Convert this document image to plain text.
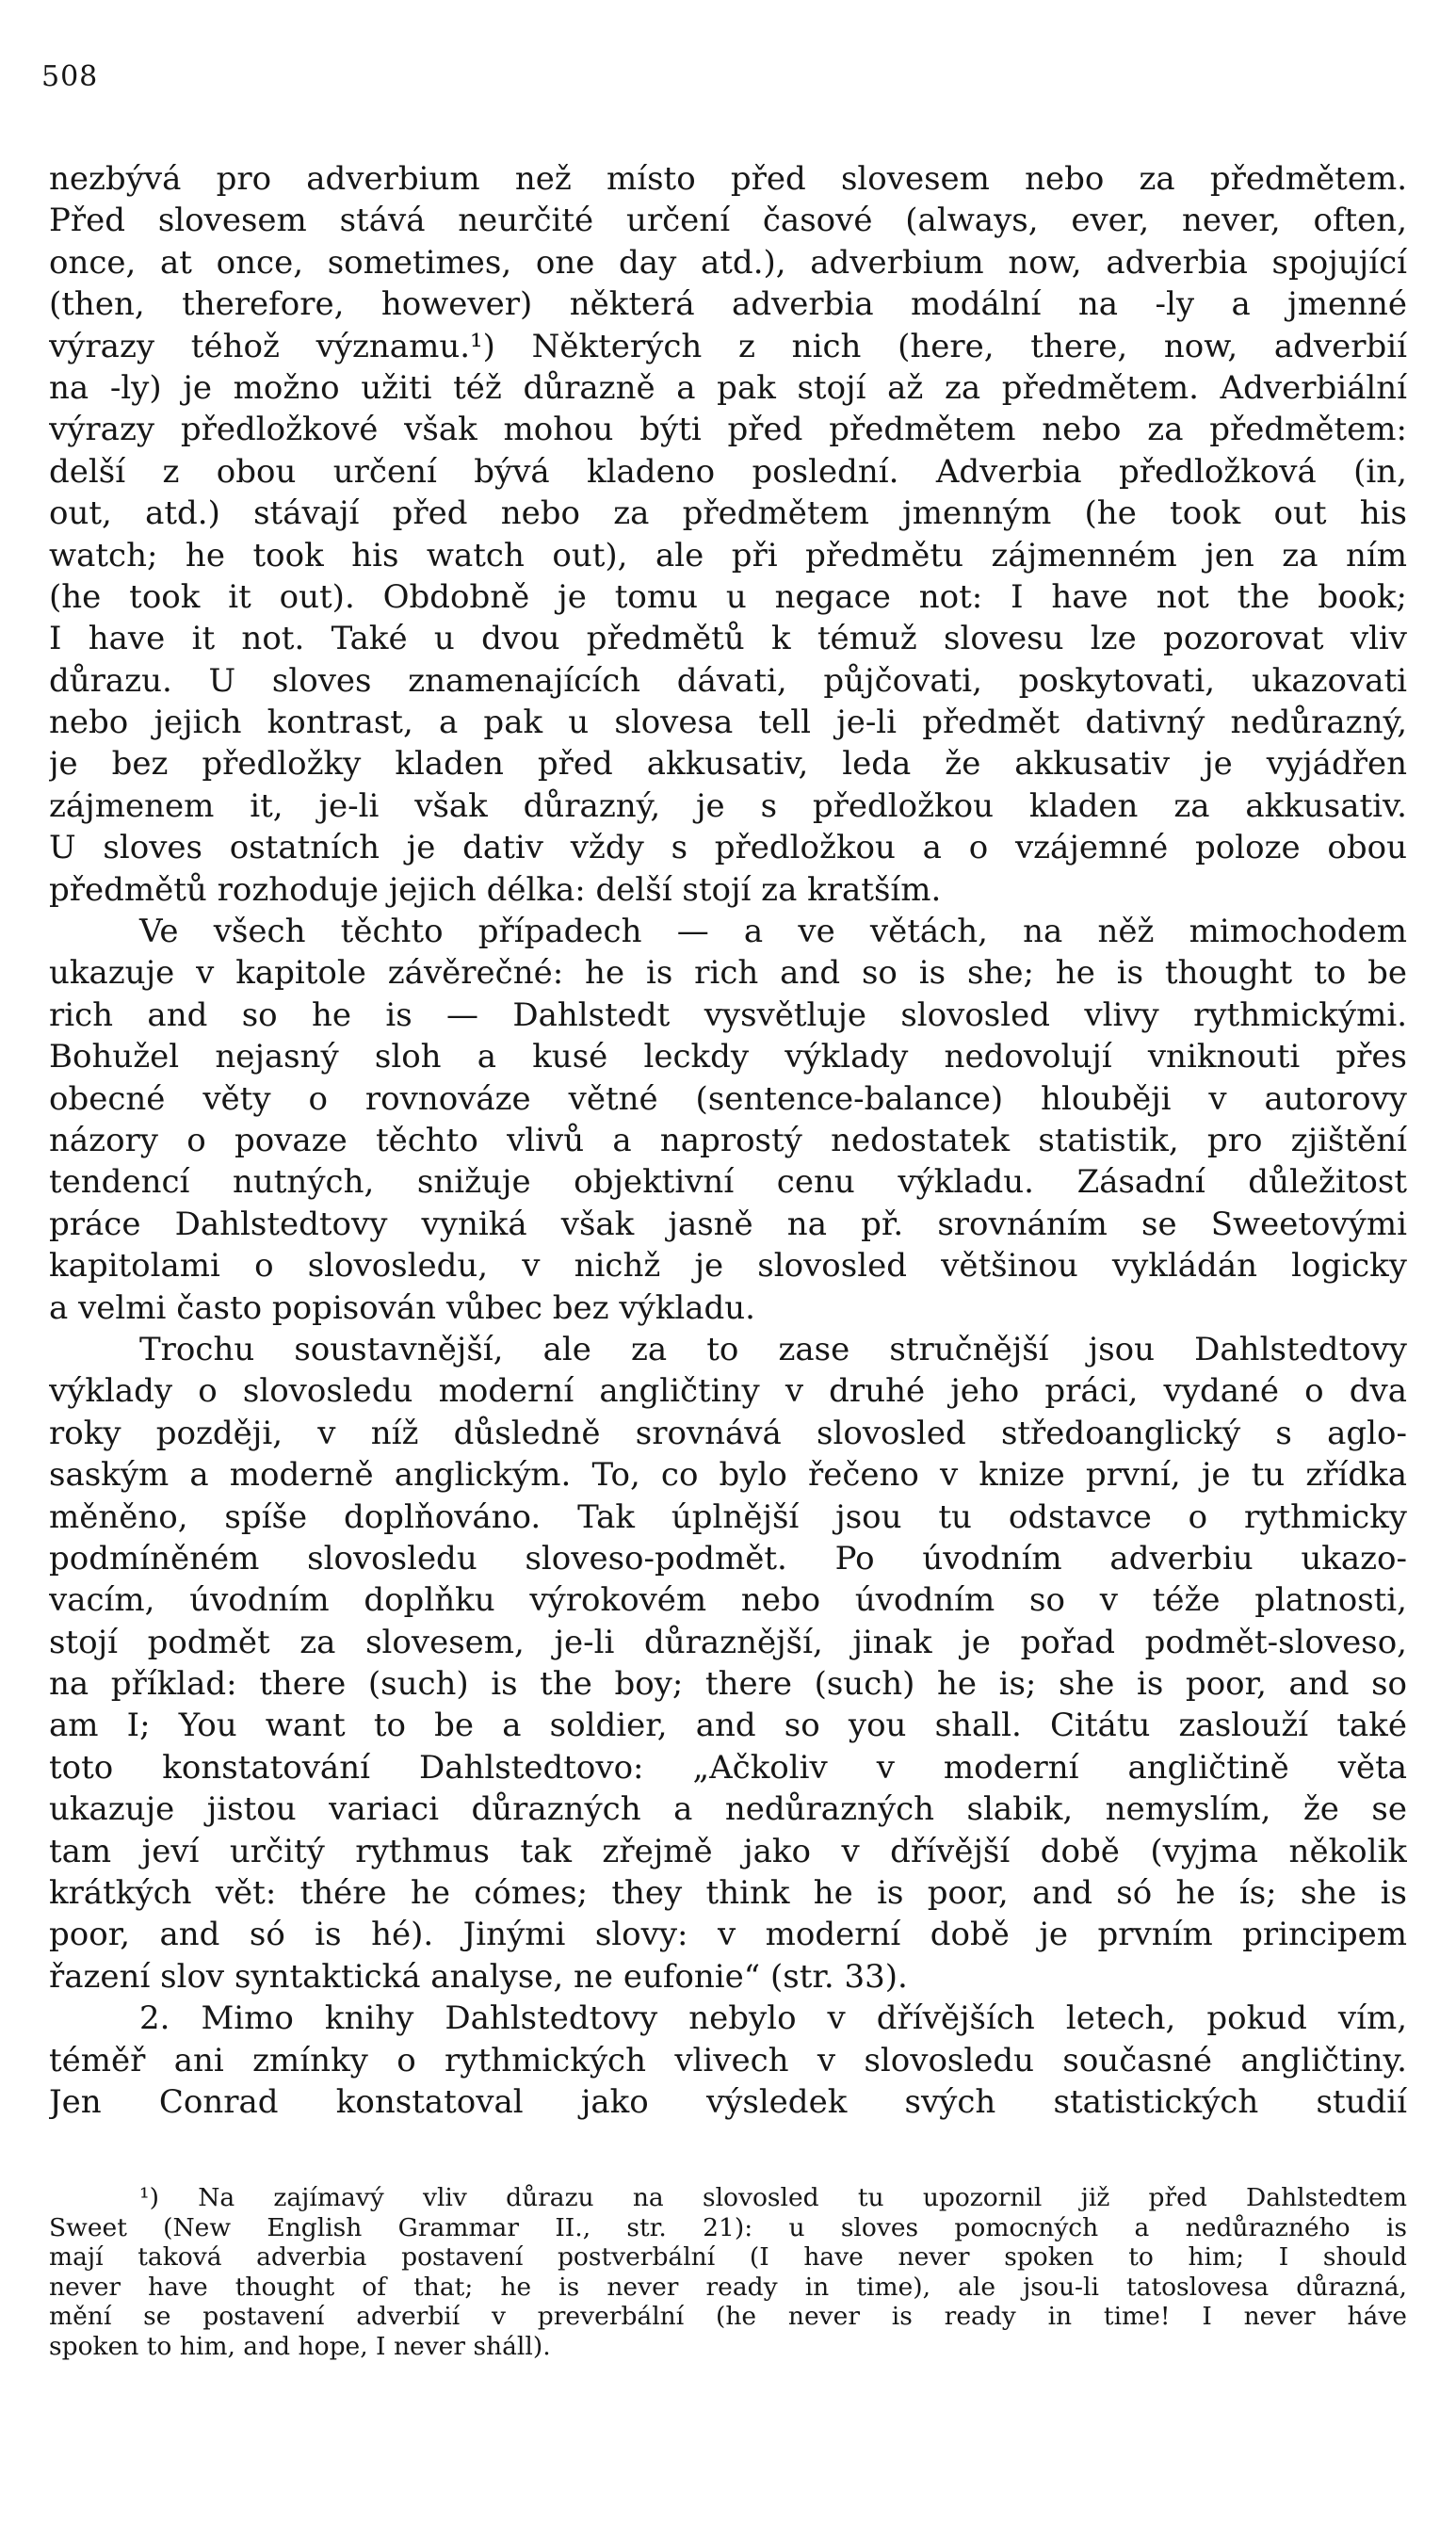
508
nezbývá pro adverbium než místo před slovesem nebo za předmětem.
Před slovesem stává neurčité určení časové (always, ever, never, often,
once, at once, sometimes, one day atd.), adverbium now, adverbia spojující
(then, therefore, however) některá adverbia modální na -ly a jmenné
výrazy téhož významu.¹) Některých z nich (here, there, now, adverbií
na -ly) je možno užiti též důrazně a pak stojí až za předmětem. Adverbiální
výrazy předložkové však mohou býti před předmětem nebo za předmětem:
delší z obou určení bývá kladeno poslední. Adverbia předložková (in,
out, atd.) stávají před nebo za předmětem jmenným (he took out his
watch; he took his watch out), ale při předmětu zájmenném jen za ním
(he took it out). Obdobně je tomu u negace not: I have not the book;
I have it not. Také u dvou předmětů k témuž slovesu lze pozorovat vliv
důrazu. U sloves znamenajících dávati, půjčovati, poskytovati, ukazovati
nebo jejich kontrast, a pak u slovesa tell je-li předmět dativný nedůrazný,
je bez předložky kladen před akkusativ, leda že akkusativ je vyjádřen
zájmenem it, je-li však důrazný, je s předložkou kladen za akkusativ.
U sloves ostatních je dativ vždy s předložkou a o vzájemné poloze obou
předmětů rozhoduje jejich délka: delší stojí za kratším.
Ve všech těchto případech — a ve větách, na něž mimochodem
ukazuje v kapitole závěrečné: he is rich and so is she; he is thought to be
rich and so he is — Dahlstedt vysvětluje slovosled vlivy rythmickými.
Bohužel nejasný sloh a kusé leckdy výklady nedovolují vniknouti přes
obecné věty o rovnováze větné (sentence-balance) hlouběji v autorovy
názory o povaze těchto vlivů a naprostý nedostatek statistik, pro zjištění
tendencí nutných, snižuje objektivní cenu výkladu. Zásadní důležitost
práce Dahlstedtovy vyniká však jasně na př. srovnáním se Sweetovými
kapitolami o slovosledu, v nichž je slovosled většinou vykládán logicky
a velmi často popisován vůbec bez výkladu.
Trochu soustavnější, ale za to zase stručnější jsou Dahlstedtovy
výklady o slovosledu moderní angličtiny v druhé jeho práci, vydané o dva
roky později, v níž důsledně srovnává slovosled středoanglický s aglo-
saským a moderně anglickým. To, co bylo řečeno v knize první, je tu zřídka
měněno, spíše doplňováno. Tak úplnější jsou tu odstavce o rythmicky
podmíněném slovosledu sloveso-podmět. Po úvodním adverbiu ukazo-
vacím, úvodním doplňku výrokovém nebo úvodním so v téže platnosti,
stojí podmět za slovesem, je-li důraznější, jinak je pořad podmět-sloveso,
na příklad: there (such) is the boy; there (such) he is; she is poor, and so
am I; You want to be a soldier, and so you shall. Citátu zaslouží také
toto konstatování Dahlstedtovo: „Ačkoliv v moderní angličtině věta
ukazuje jistou variaci důrazných a nedůrazných slabik, nemyslím, že se
tam jeví určitý rythmus tak zřejmě jako v dřívější době (vyjma několik
krátkých vět: thére he cómes; they think he is poor, and só he ís; she is
poor, and só is hé). Jinými slovy: v moderní době je prvním principem
řazení slov syntaktická analyse, ne eufonie“ (str. 33).
2. Mimo knihy Dahlstedtovy nebylo v dřívějších letech, pokud vím,
téměř ani zmínky o rythmických vlivech v slovosledu současné angličtiny.
Jen Conrad konstatoval jako výsledek svých statistických studií
¹) Na zajímavý vliv důrazu na slovosled tu upozornil již před Dahlstedtem
Sweet (New English Grammar II., str. 21): u sloves pomocných a nedůrazného is
mají taková adverbia postavení postverbální (I have never spoken to him; I should
never have thought of that; he is never ready in time), ale jsou-li tatoslovesa důrazná,
mění se postavení adverbií v preverbální (he never is ready in time! I never háve
spoken to him, and hope, I never sháll).
